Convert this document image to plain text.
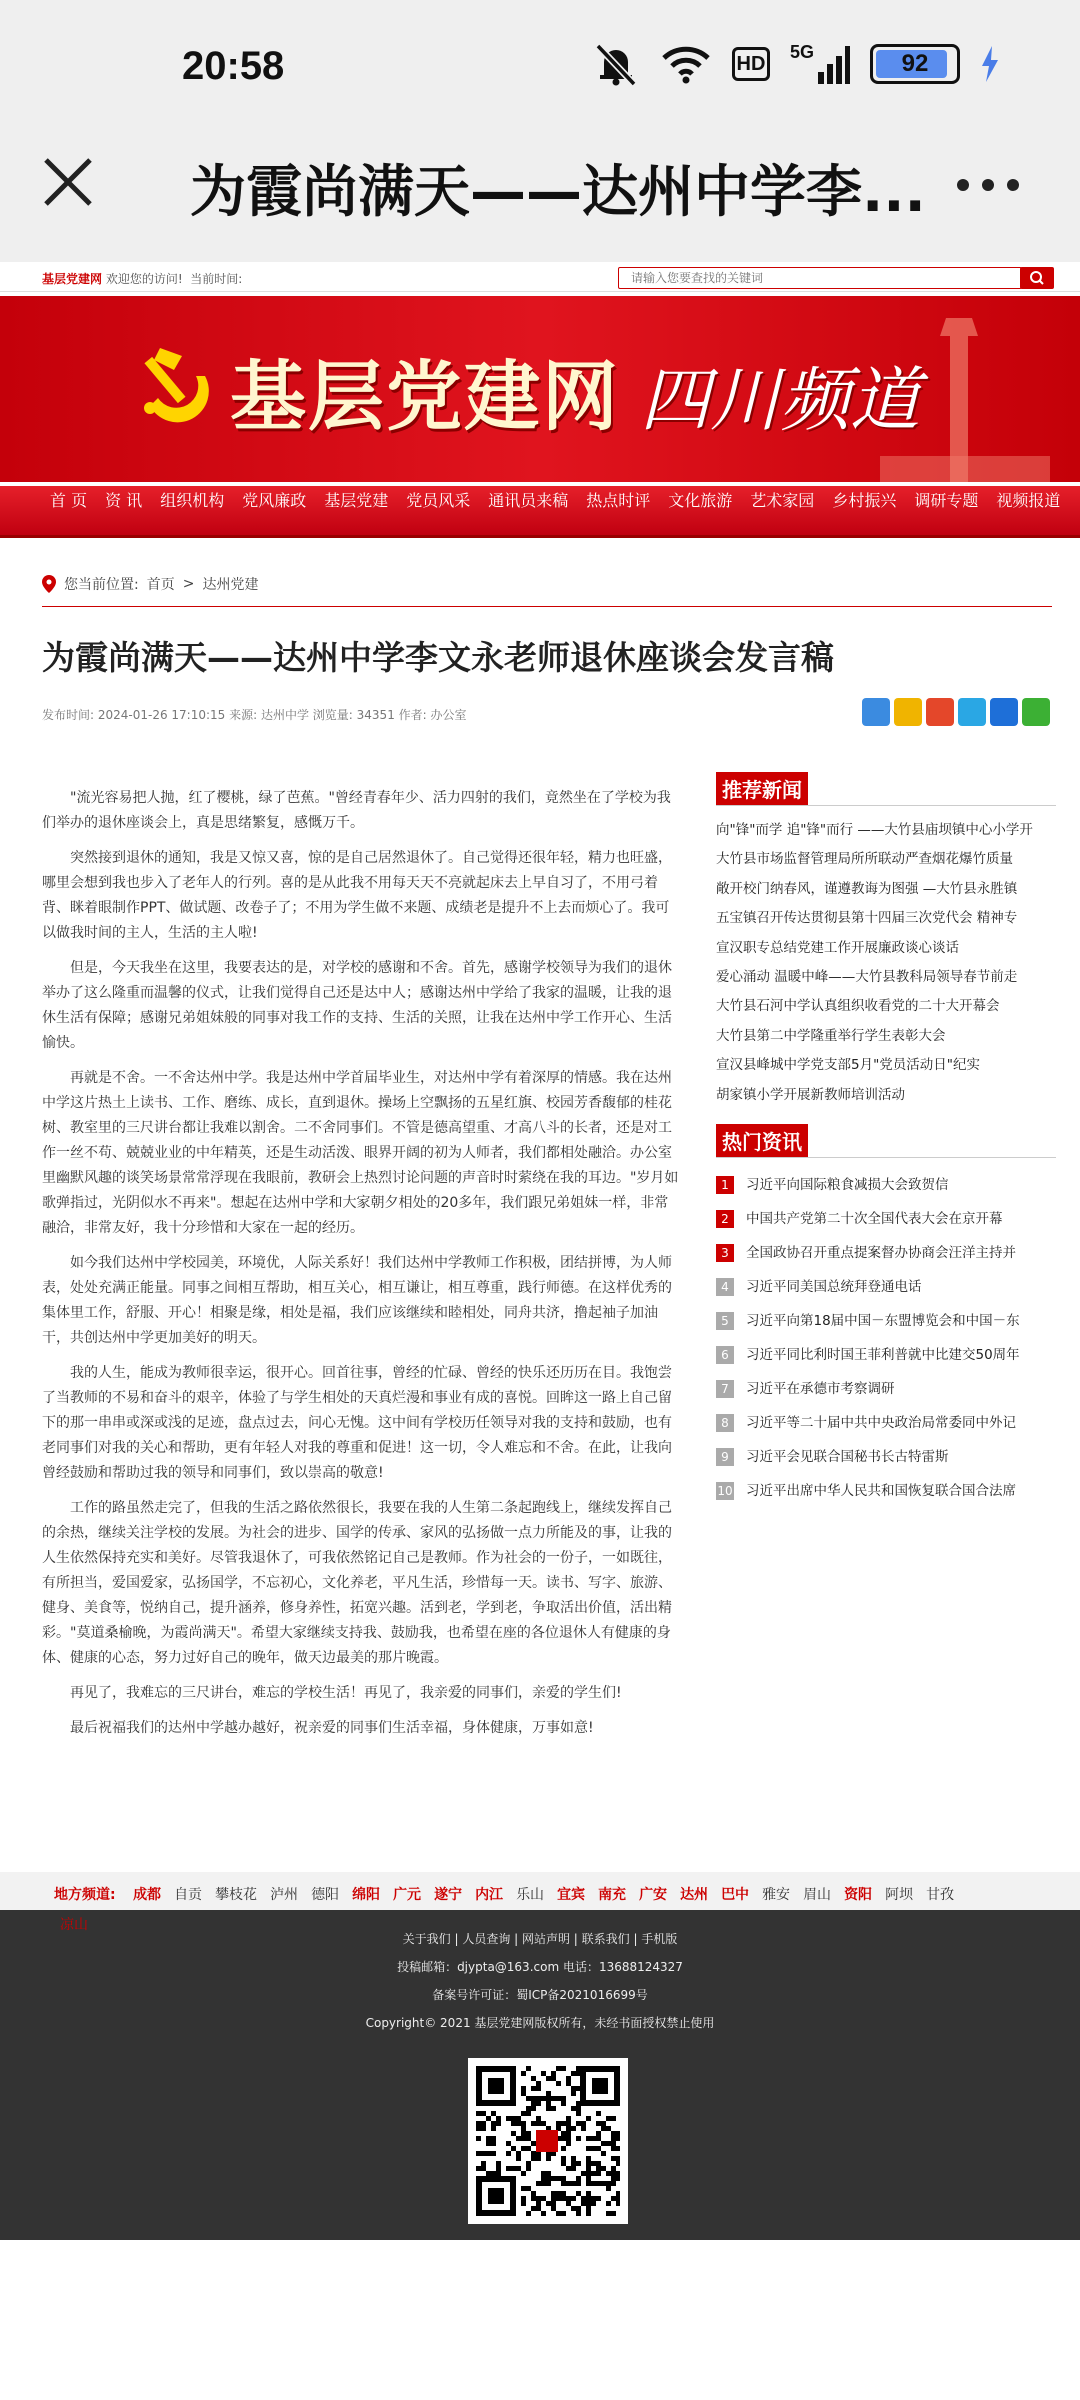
20:58	HD
5G	92
为霞尚满天——达州中学李...
基层党建网 欢迎您的访问! 当前时间:
请输入您要查找的关键词
基层党建网 四川频道
首 页 资 讯 组织机构 党风廉政 基层党建 党员风采 通讯员来稿 热点时评 文化旅游 艺术家园 乡村振兴 调研专题 视频报道
您当前位置: 首页 > 达州党建
为霞尚满天——达州中学李文永老师退休座谈会发言稿
发布时间: 2024-01-26 17:10:15 来源: 达州中学 浏览量: 34351 作者: 办公室

"流光容易把人抛，红了樱桃，绿了芭蕉。"曾经青春年少、活力四射的我们，竟然坐在了学校为我们举办的退休座谈会上，真是思绪繁复，感慨万千。

突然接到退休的通知，我是又惊又喜，惊的是自己居然退休了。自己觉得还很年轻，精力也旺盛，哪里会想到我也步入了老年人的行列。喜的是从此我不用每天天不亮就起床去上早自习了，不用弓着背、眯着眼制作PPT、做试题、改卷子了；不用为学生做不来题、成绩老是提升不上去而烦心了。我可以做我时间的主人，生活的主人啦!

但是，今天我坐在这里，我要表达的是，对学校的感谢和不舍。首先，感谢学校领导为我们的退休举办了这么隆重而温馨的仪式，让我们觉得自己还是达中人；感谢达州中学给了我家的温暖，让我的退休生活有保障；感谢兄弟姐妹般的同事对我工作的支持、生活的关照，让我在达州中学工作开心、生活愉快。

再就是不舍。一不舍达州中学。我是达州中学首届毕业生，对达州中学有着深厚的情感。我在达州中学这片热土上读书、工作、磨练、成长，直到退休。操场上空飘扬的五星红旗、校园芳香馥郁的桂花树、教室里的三尺讲台都让我难以割舍。二不舍同事们。不管是德高望重、才高八斗的长者，还是对工作一丝不苟、兢兢业业的中年精英，还是生动活泼、眼界开阔的初为人师者，我们都相处融洽。办公室里幽默风趣的谈笑场景常常浮现在我眼前，教研会上热烈讨论问题的声音时时萦绕在我的耳边。"岁月如歌弹指过，光阴似水不再来"。想起在达州中学和大家朝夕相处的20多年，我们跟兄弟姐妹一样，非常融洽，非常友好，我十分珍惜和大家在一起的经历。

如今我们达州中学校园美，环境优，人际关系好！我们达州中学教师工作积极，团结拼博，为人师表，处处充满正能量。同事之间相互帮助，相互关心，相互谦让，相互尊重，践行师德。在这样优秀的集体里工作，舒服、开心！相聚是缘，相处是福，我们应该继续和睦相处，同舟共济，撸起袖子加油干，共创达州中学更加美好的明天。

我的人生，能成为教师很幸运，很开心。回首往事，曾经的忙碌、曾经的快乐还历历在目。我饱尝了当教师的不易和奋斗的艰辛，体验了与学生相处的天真烂漫和事业有成的喜悦。回眸这一路上自己留下的那一串串或深或浅的足迹，盘点过去，问心无愧。这中间有学校历任领导对我的支持和鼓励，也有老同事们对我的关心和帮助，更有年轻人对我的尊重和促进！这一切，令人难忘和不舍。在此，让我向曾经鼓励和帮助过我的领导和同事们，致以崇高的敬意!

工作的路虽然走完了，但我的生活之路依然很长，我要在我的人生第二条起跑线上，继续发挥自己的余热，继续关注学校的发展。为社会的进步、国学的传承、家风的弘扬做一点力所能及的事，让我的人生依然保持充实和美好。尽管我退休了，可我依然铭记自己是教师。作为社会的一份子，一如既往，有所担当，爱国爱家，弘扬国学，不忘初心，文化养老，平凡生活，珍惜每一天。读书、写字、旅游、健身、美食等，悦纳自己，提升涵养，修身养性，拓宽兴趣。活到老，学到老，争取活出价值，活出精彩。"莫道桑榆晚，为霞尚满天"。希望大家继续支持我、鼓励我，也希望在座的各位退休人有健康的身体、健康的心态，努力过好自己的晚年，做天边最美的那片晚霞。

再见了，我难忘的三尺讲台，难忘的学校生活！再见了，我亲爱的同事们，亲爱的学生们!

最后祝福我们的达州中学越办越好，祝亲爱的同事们生活幸福，身体健康，万事如意!

推荐新闻
向"锋"而学 追"锋"而行 ——大竹县庙坝镇中心小学开
大竹县市场监督管理局所所联动严查烟花爆竹质量
敞开校门纳春风，谨遵教诲为图强 —大竹县永胜镇
五宝镇召开传达贯彻县第十四届三次党代会 精神专
宣汉职专总结党建工作开展廉政谈心谈话
爱心涌动 温暖中峰——大竹县教科局领导春节前走
大竹县石河中学认真组织收看党的二十大开幕会
大竹县第二中学隆重举行学生表彰大会
宣汉县峰城中学党支部5月"党员活动日"纪实
胡家镇小学开展新教师培训活动
热门资讯
1	习近平向国际粮食减损大会致贺信
2	中国共产党第二十次全国代表大会在京开幕
3	全国政协召开重点提案督办协商会汪洋主持并
4	习近平同美国总统拜登通电话
5	习近平向第18届中国－东盟博览会和中国－东
6	习近平同比利时国王菲利普就中比建交50周年
7	习近平在承德市考察调研
8	习近平等二十届中共中央政治局常委同中外记
9	习近平会见联合国秘书长古特雷斯
10 习近平出席中华人民共和国恢复联合国合法席
地方频道: 成都 自贡 攀枝花 泸州 德阳 绵阳 广元 遂宁 内江 乐山 宜宾 南充 广安 达州 巴中 雅安 眉山 资阳 阿坝 甘孜
关于我们 | 人员查询 | 网站声明 | 联系我们 | 手机版
投稿邮箱：djypta@163.com 电话：13688124327
备案号许可证：蜀ICP备2021016699号
Copyright© 2021 基层党建网版权所有，未经书面授权禁止使用
凉山
